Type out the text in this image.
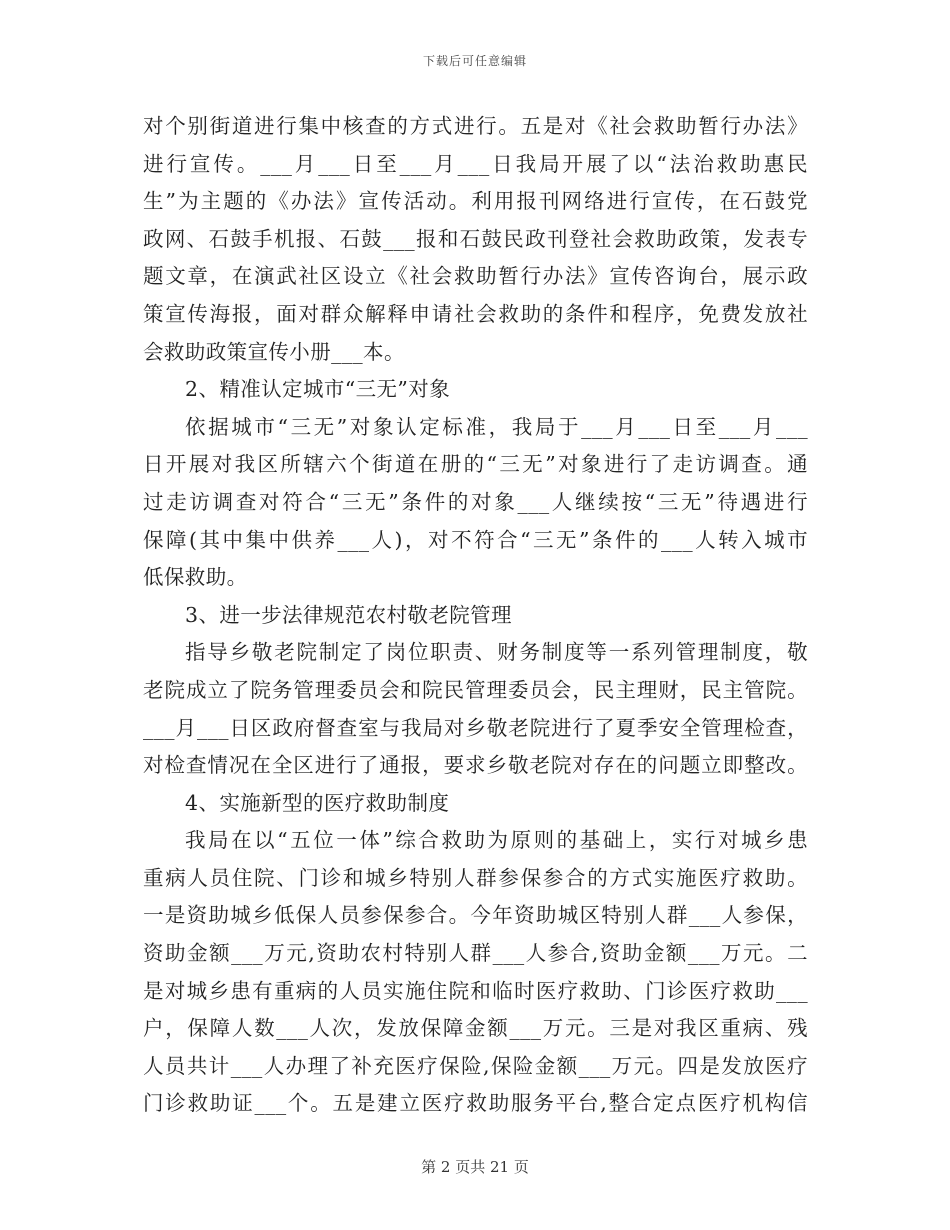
下载后可任意编辑
对个别街道进行集中核查的方式进行。五是对《社会救助暂行办法》
进行宣传。___月___日至___月___日我局开展了以“法治救助惠民
生”为主题的《办法》宣传活动。利用报刊网络进行宣传，在石鼓党
政网、石鼓手机报、石鼓___报和石鼓民政刊登社会救助政策，发表专
题文章，在演武社区设立《社会救助暂行办法》宣传咨询台，展示政
策宣传海报，面对群众解释申请社会救助的条件和程序，免费发放社
会救助政策宣传小册___本。
2、精准认定城市“三无”对象
依据城市“三无”对象认定标准，我局于___月___日至___月___
日开展对我区所辖六个街道在册的“三无”对象进行了走访调查。通
过走访调查对符合“三无”条件的对象___人继续按“三无”待遇进行
保障(其中集中供养___人)，对不符合“三无”条件的___人转入城市
低保救助。
3、进一步法律规范农村敬老院管理
指导乡敬老院制定了岗位职责、财务制度等一系列管理制度，敬
老院成立了院务管理委员会和院民管理委员会，民主理财，民主管院。
___月___日区政府督查室与我局对乡敬老院进行了夏季安全管理检查，
对检查情况在全区进行了通报，要求乡敬老院对存在的问题立即整改。
4、实施新型的医疗救助制度
我局在以“五位一体”综合救助为原则的基础上，实行对城乡患
重病人员住院、门诊和城乡特别人群参保参合的方式实施医疗救助。
一是资助城乡低保人员参保参合。今年资助城区特别人群___人参保，
资助金额___万元,资助农村特别人群___人参合,资助金额___万元。二
是对城乡患有重病的人员实施住院和临时医疗救助、门诊医疗救助___
户，保障人数___人次，发放保障金额___万元。三是对我区重病、残
人员共计___人办理了补充医疗保险,保险金额___万元。四是发放医疗
门诊救助证___个。五是建立医疗救助服务平台,整合定点医疗机构信
第 2 页共 21 页
